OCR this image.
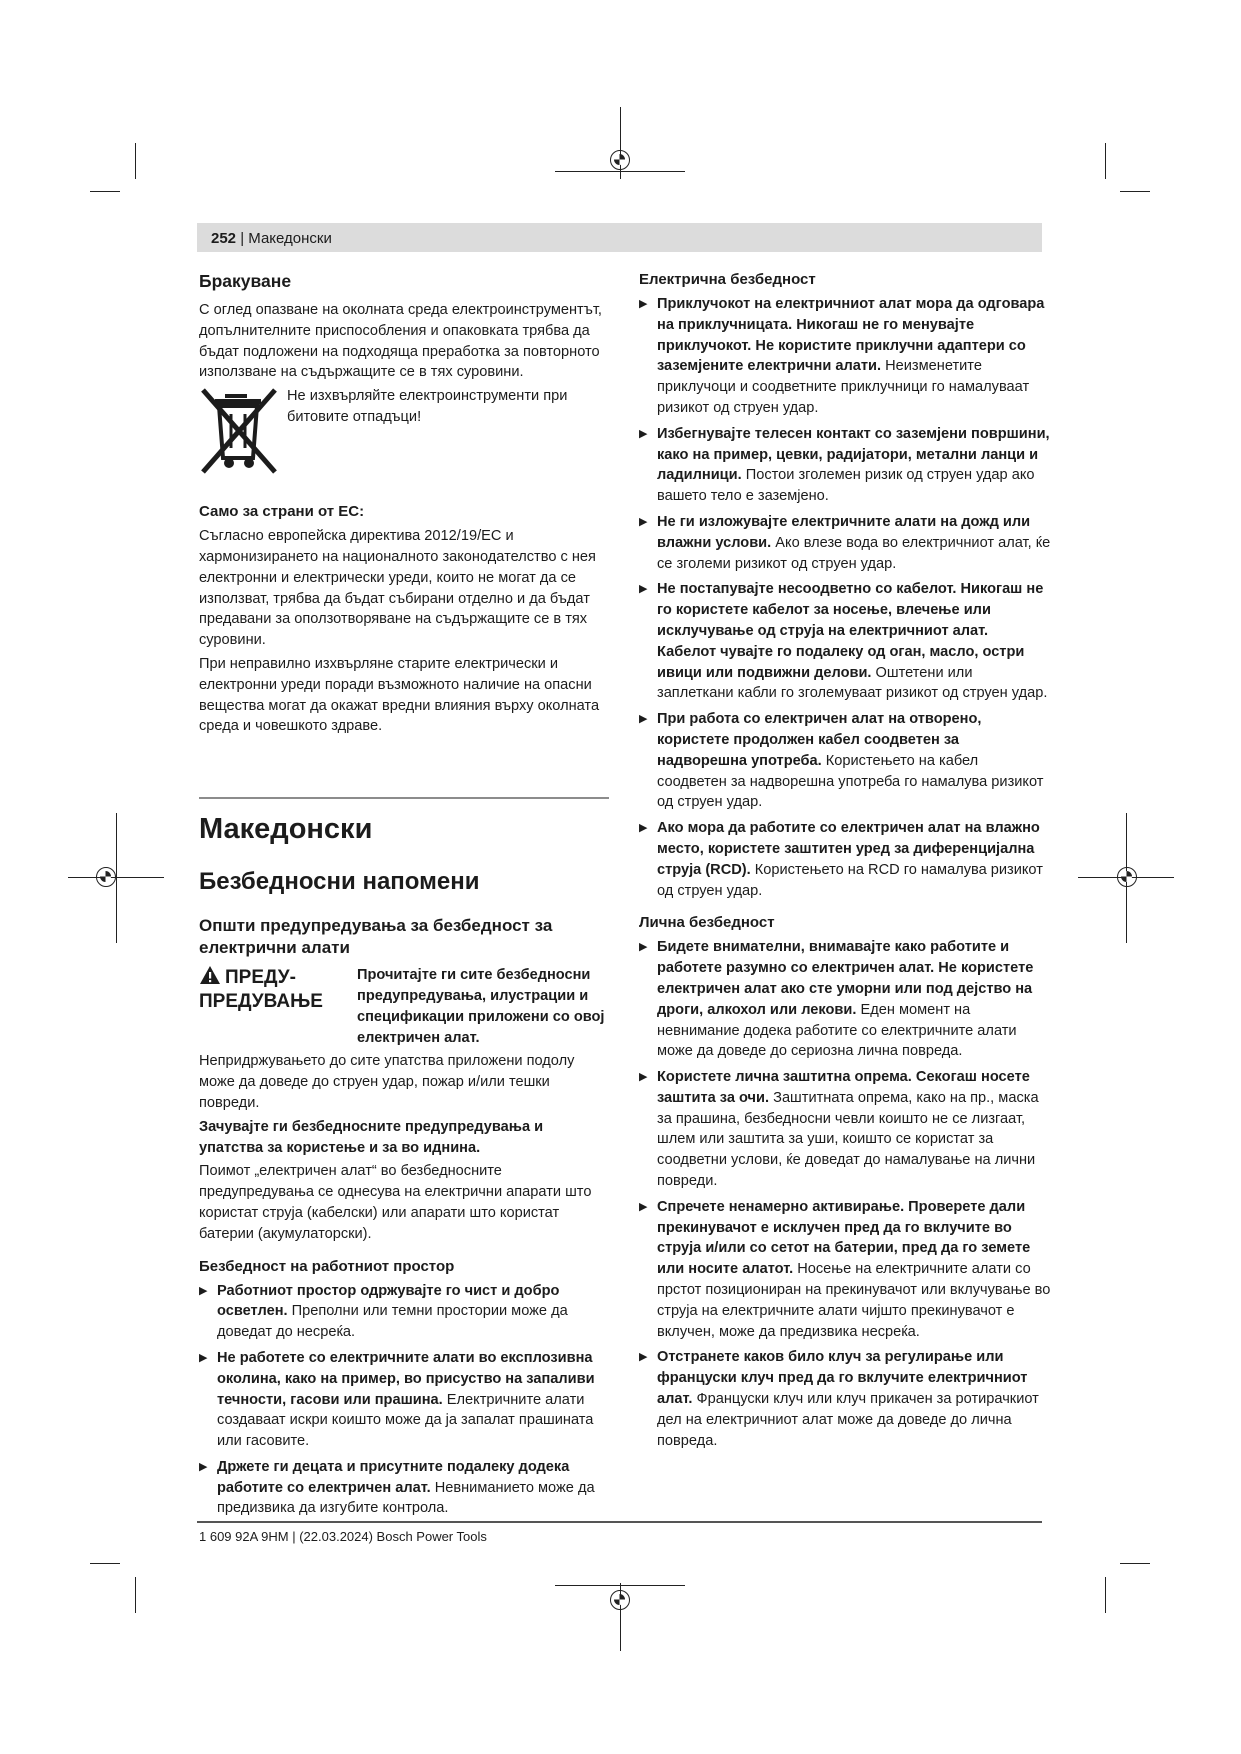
252 | Македонски
Бракуване

С оглед опазване на околната среда електроинструментът, допълнителните приспособления и опаковката трябва да бъдат подложени на подходяща преработка за повторното използване на съдържащите се в тях суровини.

Не изхвърляйте електроинструменти при битовите отпадъци!

Само за страни от ЕС:

Съгласно европейска директива 2012/19/ЕС и хармонизирането на националното законодателство с нея електронни и електрически уреди, които не могат да се използват, трябва да бъдат събирани отделно и да бъдат предавани за оползотворяване на съдържащите се в тях суровини.

При неправилно изхвърляне старите електрически и електронни уреди поради възможното наличие на опасни вещества могат да окажат вредни влияния върху околната среда и човешкото здраве.

Македонски
Безбедносни напомени
Општи предупредувања за безбедност за електрични алати
ПРЕДУ-ПРЕДУВАЊЕ

Прочитајте ги сите безбедносни предупредувања, илустрации и спецификации приложени со овој електричен алат.

Непридржувањето до сите упатства приложени подолу може да доведе до струен удар, пожар и/или тешки повреди.

Зачувајте ги безбедносните предупредувања и упатства за користење и за во иднина.

Поимот „електричен алат“ во безбедносните предупредувања се однесува на електрични апарати што користат струја (кабелски) или апарати што користат батерии (акумулаторски).

Безбедност на работниот простор
▶ Работниот простор одржувајте го чист и добро осветлен. Преполни или темни простории може да доведат до несреќа.
▶ Не работете со електричните алати во експлозивна околина, како на пример, во присуство на запаливи течности, гасови или прашина. Електричните алати создаваат искри коишто може да ја запалат прашината или гасовите.
▶ Држете ги децата и присутните подалеку додека работите со електричен алат. Невниманието може да предизвика да изгубите контрола.
Електрична безбедност
▶ Приклучокот на електричниот алат мора да одговара на приклучницата. Никогаш не го менувајте приклучокот. Не користите приклучни адаптери со заземјените електрични алати. Неизменетите приклучоци и соодветните приклучници го намалуваат ризикот од струен удар.
▶ Избегнувајте телесен контакт со заземјени површини, како на пример, цевки, радијатори, метални ланци и ладилници. Постои зголемен ризик од струен удар ако вашето тело е заземјено.
▶ Не ги изложувајте електричните алати на дожд или влажни услови. Ако влезе вода во електричниот алат, ќе се зголеми ризикот од струен удар.
▶ Не постапувајте несоодветно со кабелот. Никогаш не го користете кабелот за носење, влечење или исклучување од струја на електричниот алат. Кабелот чувајте го подалеку од оган, масло, остри ивици или подвижни делови. Оштетени или заплеткани кабли го зголемуваат ризикот од струен удар.
▶ При работа со електричен алат на отворено, користете продолжен кабел соодветен за надворешна употреба. Користењето на кабел соодветен за надворешна употреба го намалува ризикот од струен удар.
▶ Ако мора да работите со електричен алат на влажно место, користете заштитен уред за диференцијална струја (RCD). Користењето на RCD го намалува ризикот од струен удар.
Лична безбедност
▶ Бидете внимателни, внимавајте како работите и работете разумно со електричен алат. Не користете електричен алат ако сте уморни или под дејство на дроги, алкохол или лекови. Еден момент на невнимание додека работите со електричните алати може да доведе до сериозна лична повреда.
▶ Користете лична заштитна опрема. Секогаш носете заштита за очи. Заштитната опрема, како на пр., маска за прашина, безбедносни чевли коишто не се лизгаат, шлем или заштита за уши, коишто се користат за соодветни услови, ќе доведат до намалување на лични повреди.
▶ Спречете ненамерно активирање. Проверете дали прекинувачот е исклучен пред да го вклучите во струја и/или со сетот на батерии, пред да го земете или носите алатот. Носење на електричните алати со прстот позициониран на прекинувачот или вклучување во струја на електричните алати чијшто прекинувачот е вклучен, може да предизвика несреќа.
▶ Отстранете каков било клуч за регулирање или француски клуч пред да го вклучите електричниот алат. Француски клуч или клуч прикачен за ротирачкиот дел на електричниот алат може да доведе до лична повреда.
1 609 92A 9HM | (22.03.2024) Bosch Power Tools
